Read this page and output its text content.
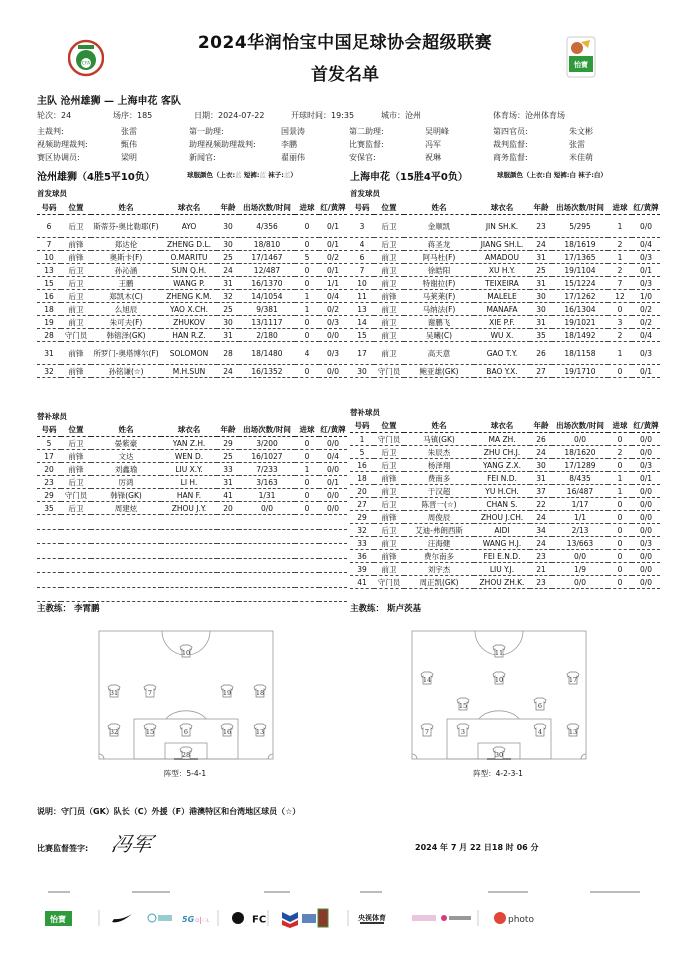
CFA
2024华润怡宝中国足球协会超级联赛
首发名单	怡寶
主队 沧州雄狮 — 上海申花 客队
轮次：24	场序：185	日期：2024-07-22	开球时间：19:35	城市：沧州	体育场：沧州体育场
主裁判:	张雷	第一助理:	国景涛	第二助理:	吴明峰	第四官员:	朱文彬
视频助理裁判:	甄伟	助理视频助理裁判:	李鹏	比赛监督:	冯军	裁判监督:	张雷
赛区协调员:	梁明	新闻官:	翟丽伟	安保官:	祝琳	商务监督:	米佳萌
沧州雄狮（4胜5平10负）	球服颜色（上衣:蓝 短裤:蓝 袜子:蓝）	上海申花（15胜4平0负）	球服颜色（上衣:白 短裤:白 袜子:白）
首发球员	首发球员
替补球员	替补球员
号码	位置	姓名	球衣名	年龄	出场次数/时间	进球	红/黄牌
6	后卫	斯蒂芬-奥比勒耶(F)	AYO	30	4/356	0	0/1
7	前锋	郑达伦	ZHENG D.L.	30	18/810	0	0/1
10	前锋	奥斯卡(F)	O.MARITU	25	17/1467	5	0/2
13	后卫	孙沁涵	SUN Q.H.	24	12/487	0	0/1
15	后卫	王鹏	WANG P.	31	16/1370	0	1/1
16	后卫	郑凯木(C)	ZHENG K.M.	32	14/1054	1	0/4
18	前卫	么旭辰	YAO X.CH.	25	9/381	1	0/2
19	前卫	朱可夫(F)	ZHUKOV	30	13/1117	0	0/3
28	守门员	韩镕泽(GK)	HAN R.Z.	31	2/180	0	0/0
31	前锋	所罗门-奥塔博尔(F)	SOLOMON	28	18/1480	4	0/3
32	前锋	孙铭谦(☆)	M.H.SUN	24	16/1352	0	0/0
号码	位置	姓名	球衣名	年龄	出场次数/时间	进球	红/黄牌
3	后卫	金顺凯	JIN SH.K.	23	5/295	1	0/0
4	后卫	蒋圣龙	JIANG SH.L.	24	18/1619	2	0/4
6	前卫	阿马杜(F)	AMADOU	31	17/1365	1	0/3
7	前卫	徐皓阳	XU H.Y.	25	19/1104	2	0/1
10	前卫	特谢拉(F)	TEIXEIRA	31	15/1224	7	0/3
11	前锋	马莱莱(F)	MALELE	30	17/1262	12	1/0
13	前卫	马纳法(F)	MANAFA	30	16/1304	0	0/2
14	前卫	谢鹏飞	XIE P.F.	31	19/1021	3	0/2
15	前卫	吴曦(C)	WU X.	35	18/1492	2	0/4
17	前卫	高天意	GAO T.Y.	26	18/1158	1	0/3
30	守门员	鲍亚雄(GK)	BAO Y.X.	27	19/1710	0	0/1
号码	位置	姓名	球衣名	年龄	出场次数/时间	进球	红/黄牌
5	后卫	晏紫豪	YAN Z.H.	29	3/200	0	0/0
17	前锋	文达	WEN D.	25	16/1027	0	0/4
20	前锋	刘鑫瑜	LIU X.Y.	33	7/233	1	0/0
23	后卫	厉鸿	LI H.	31	3/163	0	0/1
29	守门员	韩锋(GK)	HAN F.	41	1/31	0	0/0
35	后卫	周建炫	ZHOU J.Y.	20	0/0	0	0/0

号码	位置	姓名	球衣名	年龄	出场次数/时间	进球	红/黄牌
1	守门员	马镇(GK)	MA ZH.	26	0/0	0	0/0
5	后卫	朱辰杰	ZHU CH.J.	24	18/1620	2	0/0
16	后卫	杨泽翔	YANG Z.X.	30	17/1289	0	0/3
18	前锋	费南多	FEI N.D.	31	8/435	1	0/1
20	前卫	于汉超	YU H.CH.	37	16/487	1	0/0
27	后卫	陈晋一(☆)	CHAN S.	22	1/17	0	0/0
29	前锋	周俊辰	ZHOU J.CH.	24	1/1	0	0/0
32	后卫	艾迪-弗朗西斯	AIDI	34	2/13	0	0/0
33	前卫	汪海健	WANG H.J.	24	13/663	0	0/3
36	前锋	费尔南多	FEI E.N.D.	23	0/0	0	0/0
39	前卫	刘宇杰	LIU Y.J.	21	1/9	0	0/0
41	守门员	周正凯(GK)	ZHOU ZH.K.	23	0/0	0	0/0
主教练： 李霄鹏	主教练： 斯卢茨基
10
31	7	19	18
32	15	6	16	13
28
11
14	10	17
15	6
7	3	4	13
30
阵型：5-4-1	阵型：4-2-3-1
说明：守门员（GK）队长（C）外援（F）港澳特区和台湾地区球员（☆）
比赛监督签字: 冯军	2024 年 7 月 22 日18 时 06 分
怡寶	5G ၀|ၬ	FC	央视体育	photo
